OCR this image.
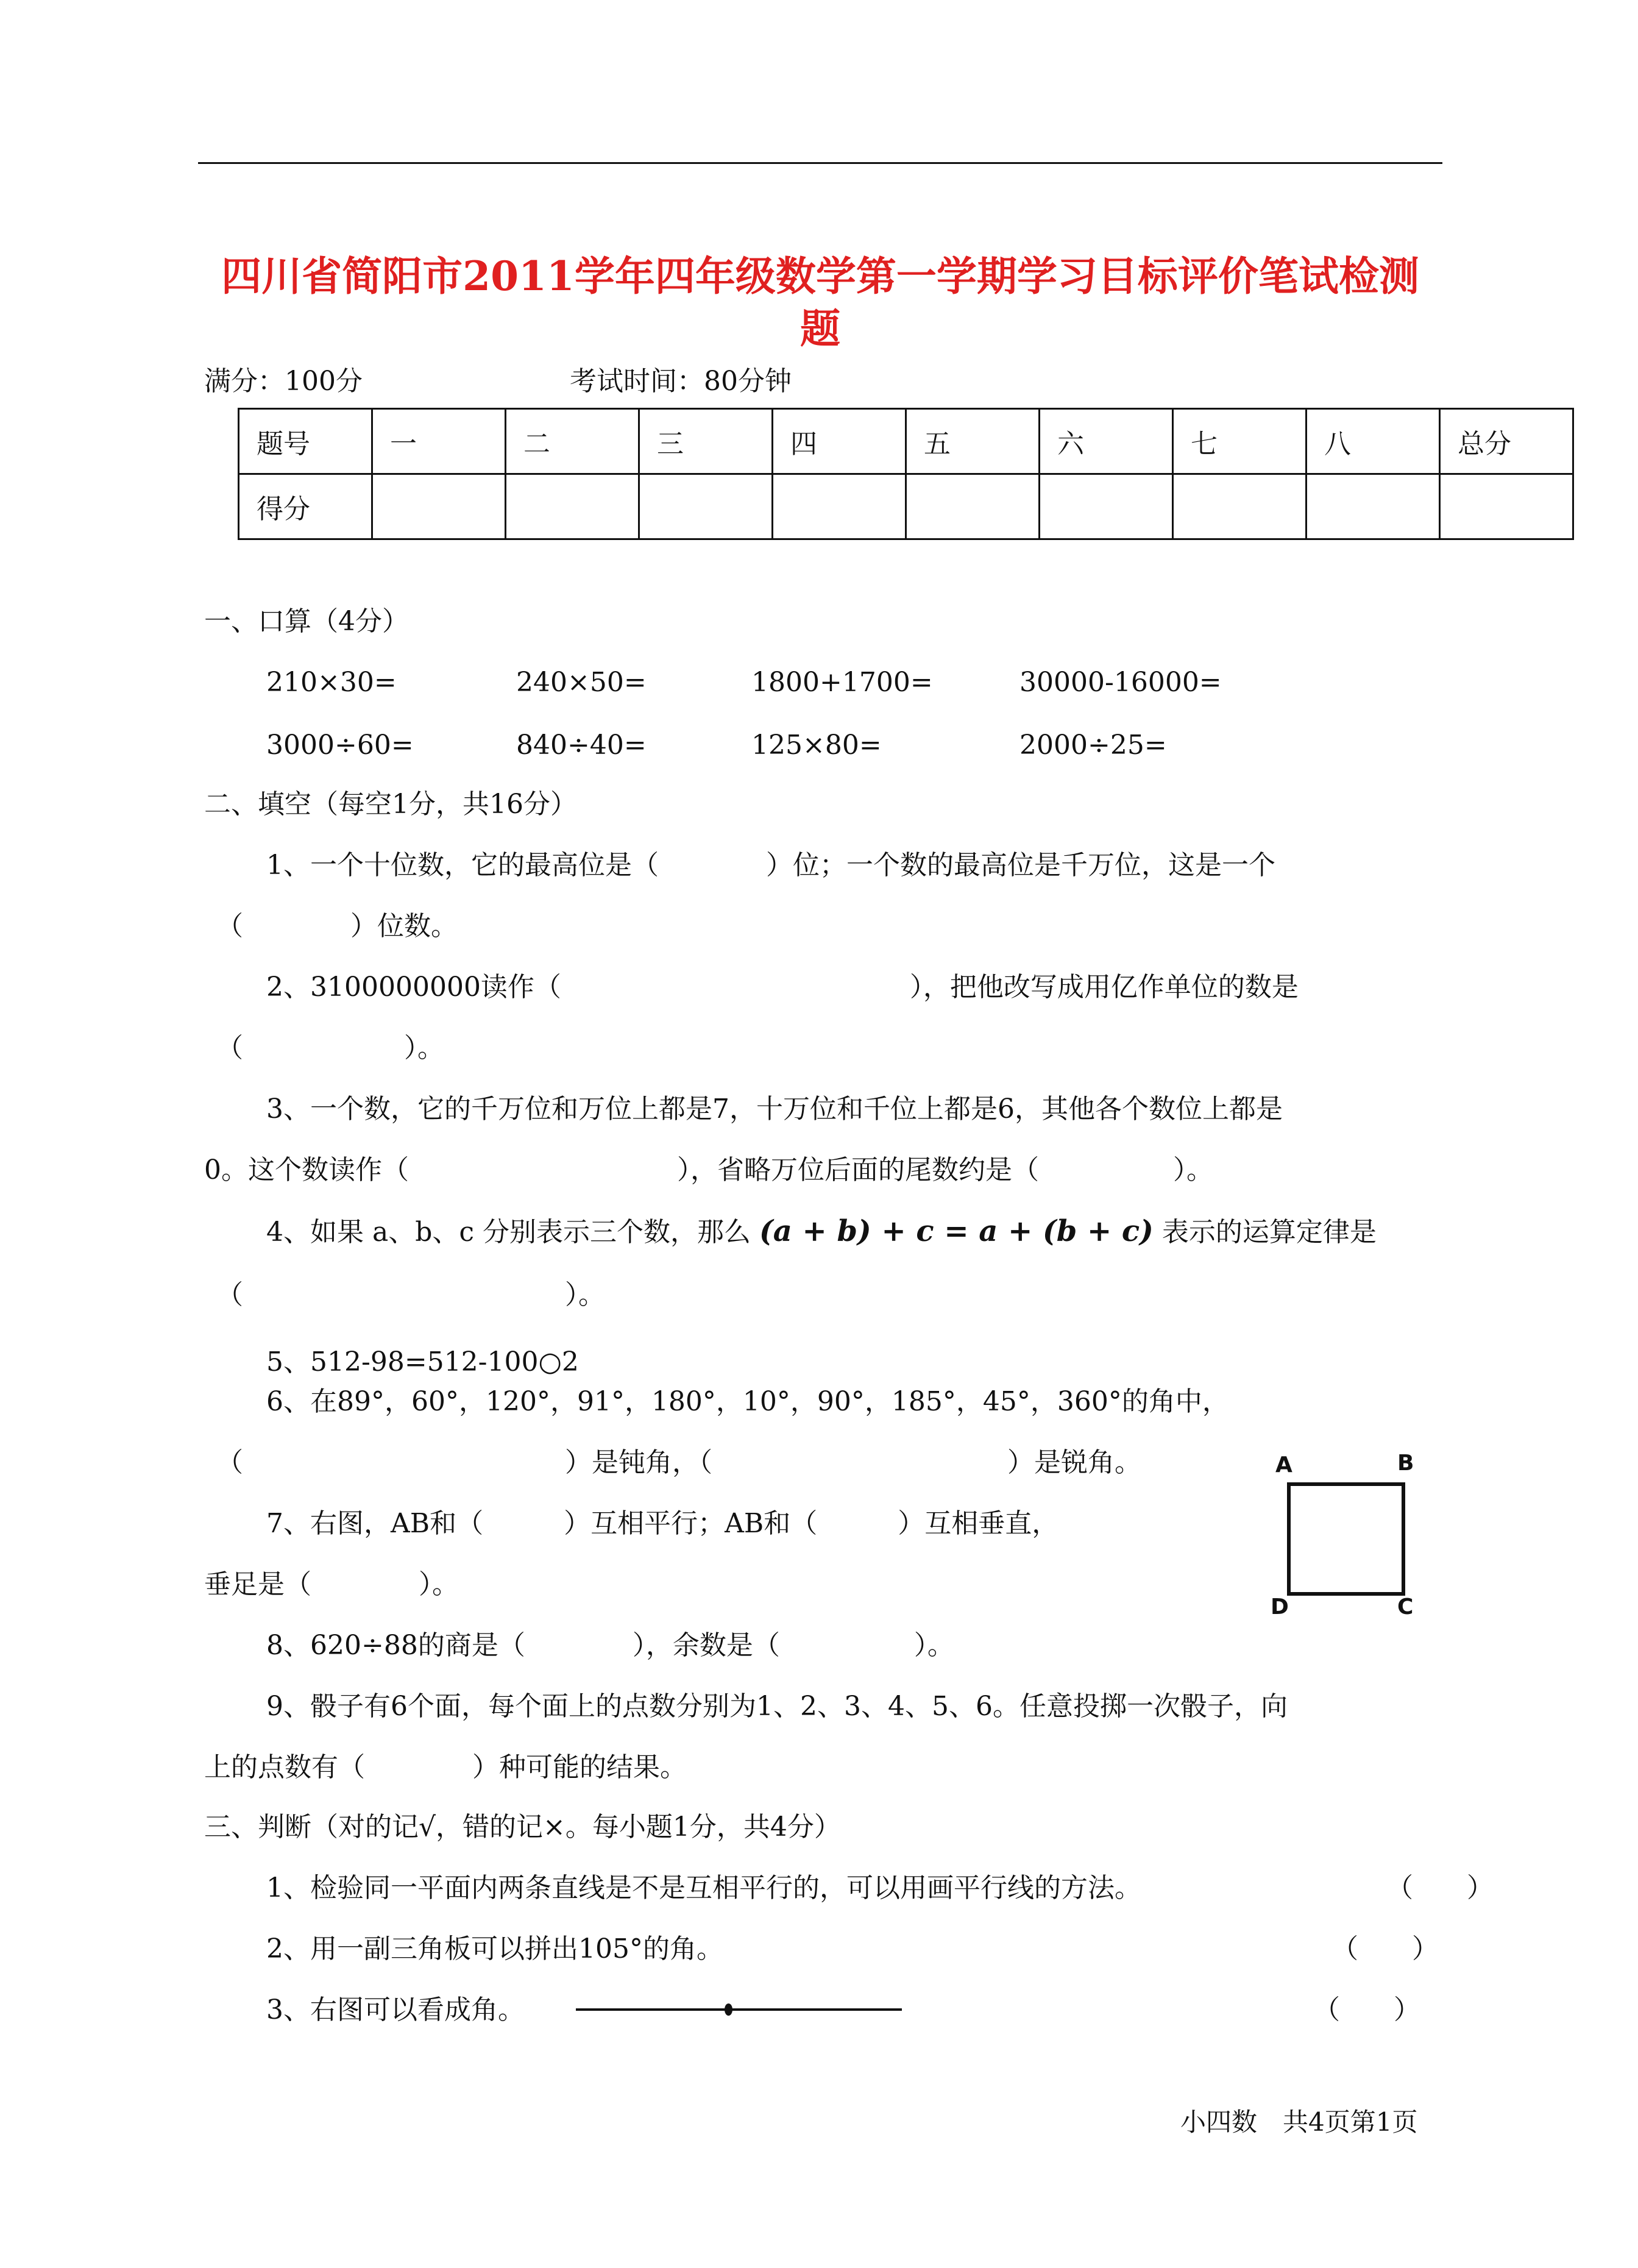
四川省简阳市2011学年四年级数学第一学期学习目标评价笔试检测
题
满分：100分	考试时间：80分钟
题号	一	二	三	四	五	六	七	八	总分
得分									
一、口算（4分）
210×30=	240×50=	1800+1700=	30000-16000=
3000÷60=	840÷40=	125×80=	2000÷25=
二、填空（每空1分，共16分）
1、一个十位数，它的最高位是（　　　　）位；一个数的最高位是千万位，这是一个
（　　　　）位数。
2、3100000000读作（　　　　　　　　　　　　　），把他改写成用亿作单位的数是
（　　　　　　）。
3、一个数，它的千万位和万位上都是7，十万位和千位上都是6，其他各个数位上都是
0。这个数读作（　　　　　　　　　　），省略万位后面的尾数约是（　　　　　）。
4、如果 a、b、c 分别表示三个数，那么 (a + b) + c = a + (b + c) 表示的运算定律是
（　　　　　　　　　　　　）。
5、512-98=512-100○2
6、在89°，60°，120°，91°，180°，10°，90°，185°，45°，360°的角中，
（　　　　　　　　　　　　）是钝角，（　　　　　　　　　　　）是锐角。
7、右图，AB和（　　　）互相平行；AB和（　　　）互相垂直，
垂足是（　　　　）。
8、620÷88的商是（　　　　），余数是（　　　　　）。
9、骰子有6个面，每个面上的点数分别为1、2、3、4、5、6。任意投掷一次骰子，向
上的点数有（　　　　）种可能的结果。
A	B
C
D
三、判断（对的记√，错的记×。每小题1分，共4分）
1、检验同一平面内两条直线是不是互相平行的，可以用画平行线的方法。	（　　）
2、用一副三角板可以拼出105°的角。	（　　）
3、右图可以看成角。	（　　）
小四数　共4页第1页
